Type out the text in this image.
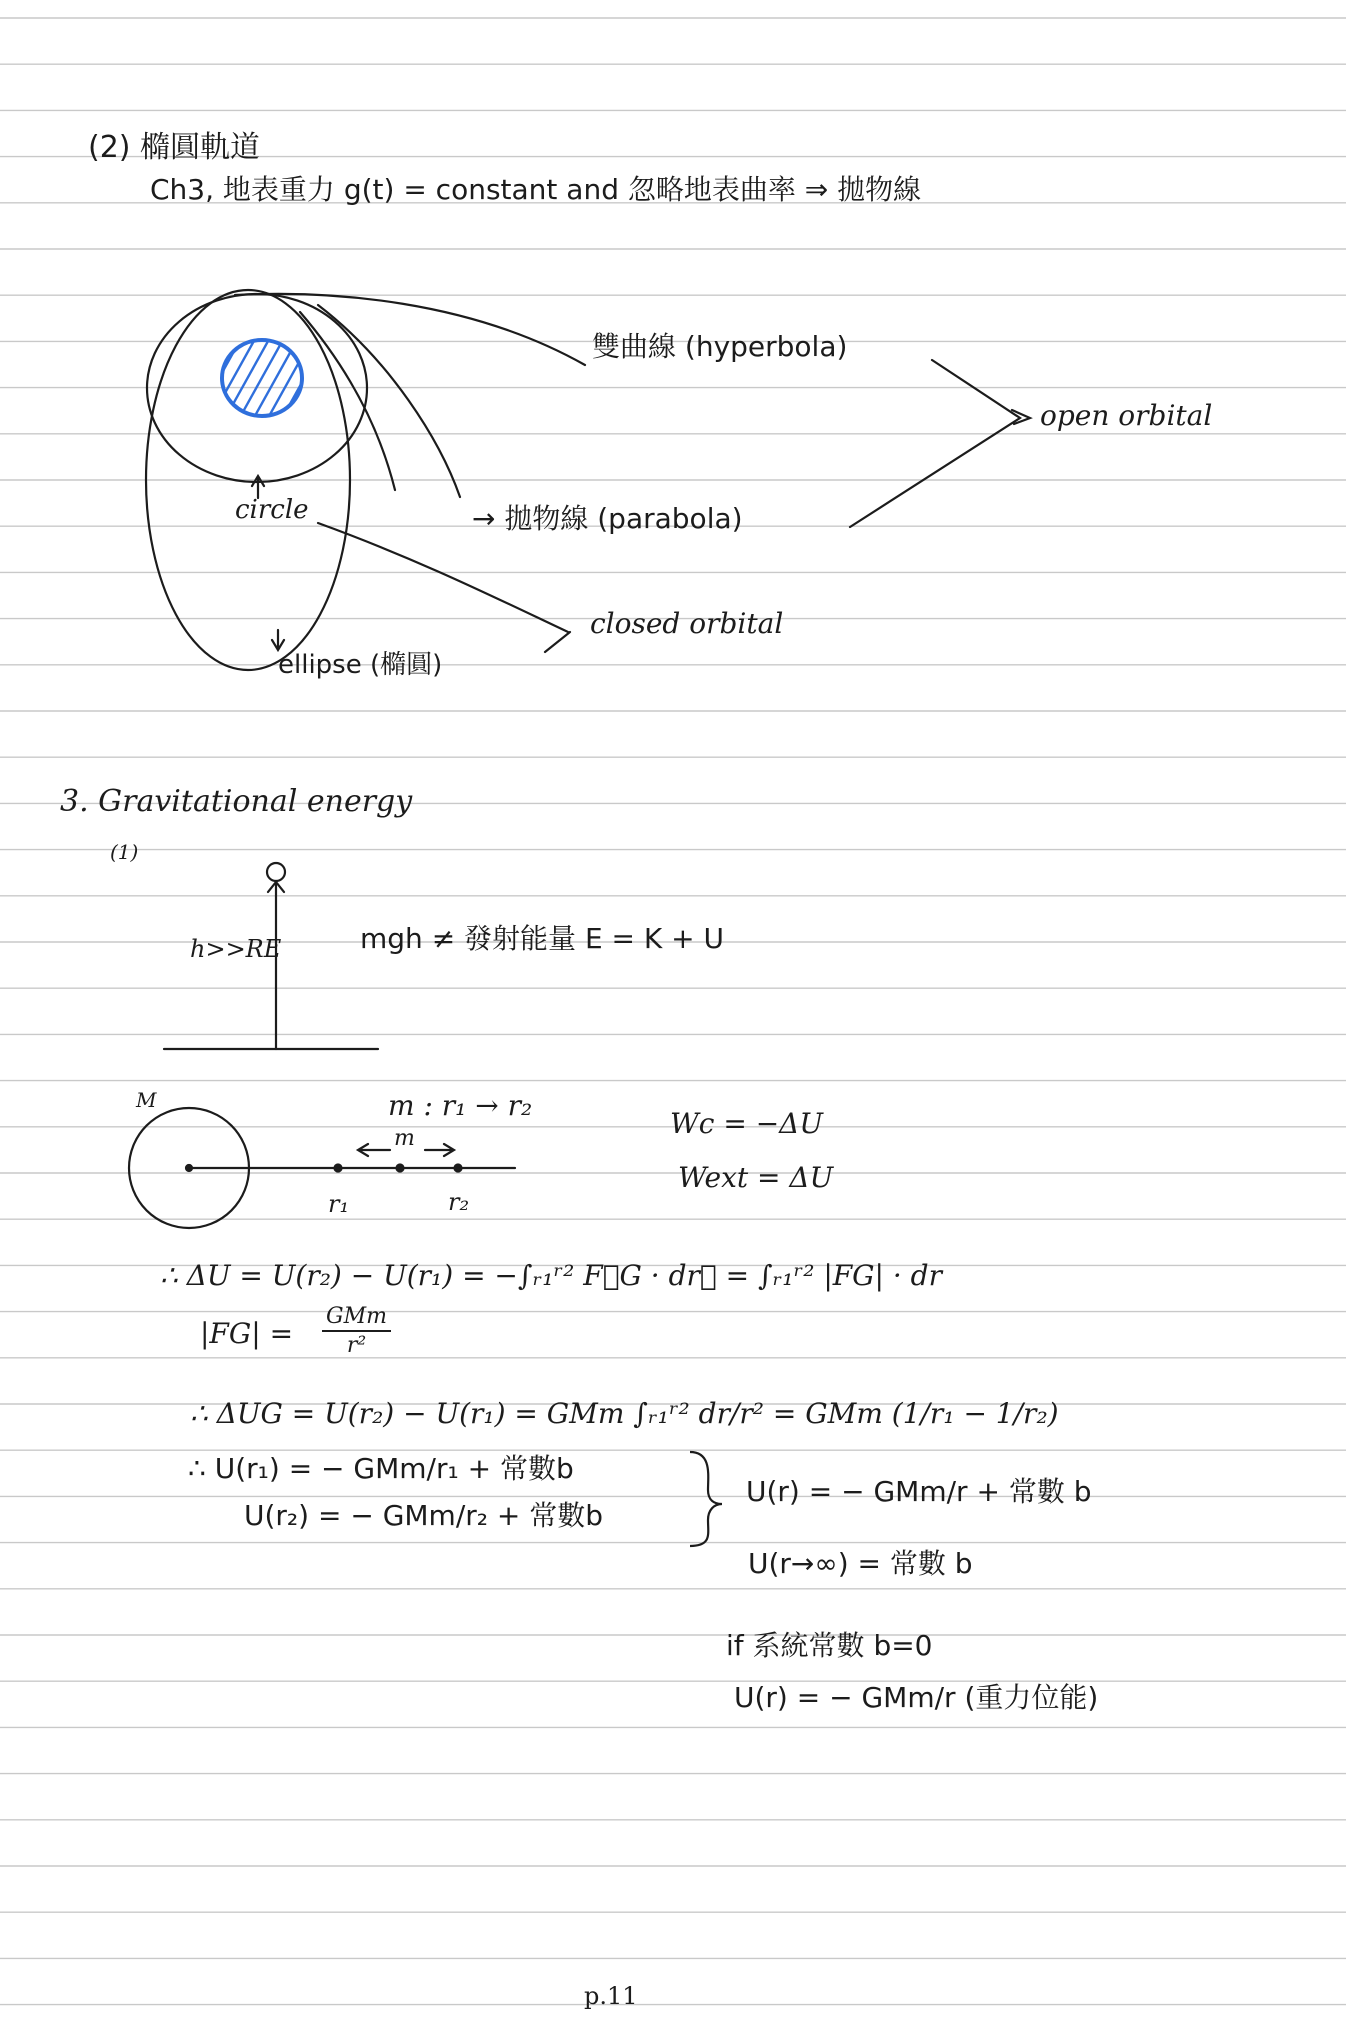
(2) 橢圓軌道
Ch3, 地表重力 g(t) = constant and 忽略地表曲率 ⇒ 拋物線
雙曲線 (hyperbola)
open orbital
circle	→ 拋物線 (parabola)
closed orbital
ellipse (橢圓)
3. Gravitational energy
(1)
h>>RE	mgh ≠ 發射能量 E = K + U
M	m : r₁ → r₂
m
r₁	r₂
Wc = −ΔU
Wext = ΔU
∴ ΔU = U(r₂) − U(r₁) = −∫ᵣ₁ʳ² F⃗G · dr⃗ = ∫ᵣ₁ʳ² |FG| · dr
|FG| =
GMm
r²
∴ ΔUG = U(r₂) − U(r₁) = GMm ∫ᵣ₁ʳ² dr/r² = GMm (1/r₁ − 1/r₂)
∴ U(r₁) = − GMm/r₁ + 常數b
U(r₂) = − GMm/r₂ + 常數b
U(r) = − GMm/r + 常數 b
U(r→∞) = 常數 b
if 系統常數 b=0
U(r) = − GMm/r (重力位能)
p.11
